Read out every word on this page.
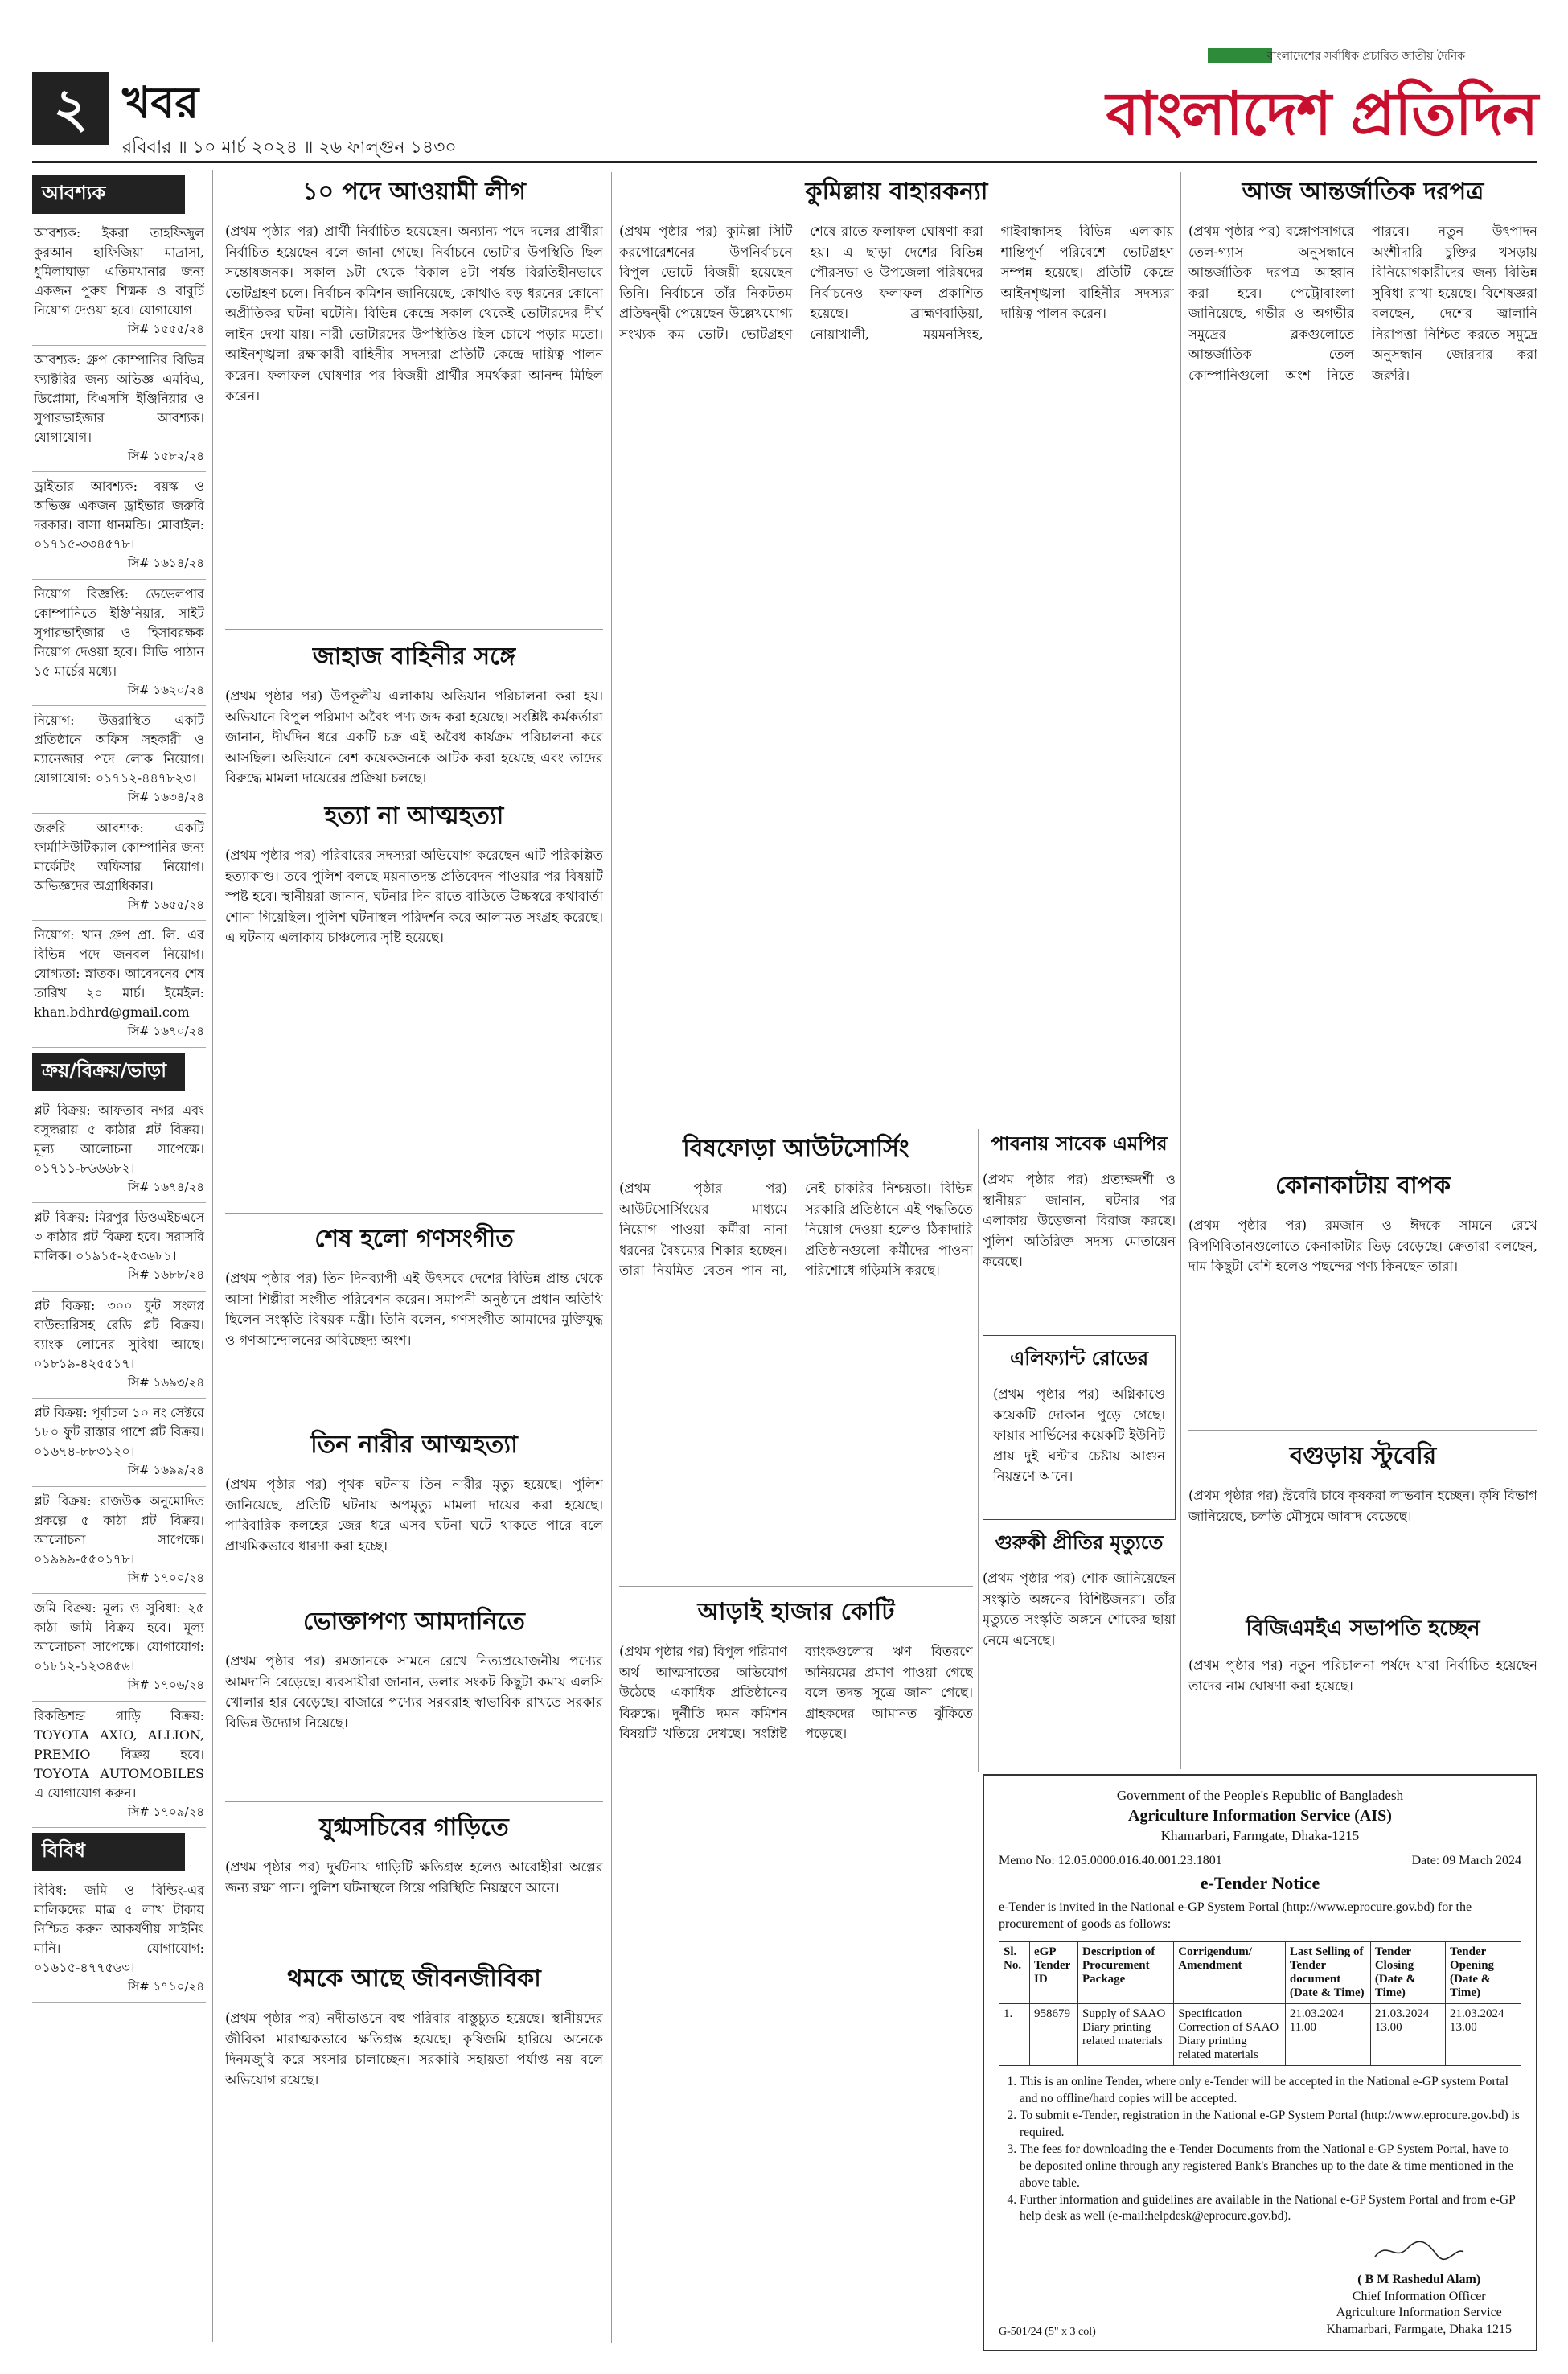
২ খবর
রবিবার ॥ ১০ মার্চ ২০২৪ ॥ ২৬ ফাল্গুন ১৪৩০
বাংলাদেশের সর্বাধিক প্রচারিত জাতীয় দৈনিক
বাংলাদেশ প্রতিদিন
আবশ্যক
আবশ্যক: ইকরা তাহফিজুল কুরআন হাফিজিয়া মাদ্রাসা, ধুমিলাঘাড়া এতিমখানার জন্য একজন পুরুষ শিক্ষক ও বাবুর্চি নিয়োগ দেওয়া হবে। যোগাযোগ।
সি# ১৫৫৫/২৪
আবশ্যক: গ্রুপ কোম্পানির বিভিন্ন ফ্যাক্টরির জন্য অভিজ্ঞ এমবিএ, ডিপ্লোমা, বিএসসি ইঞ্জিনিয়ার ও সুপারভাইজার আবশ্যক। যোগাযোগ।
সি# ১৫৮২/২৪
ড্রাইভার আবশ্যক: বয়স্ক ও অভিজ্ঞ একজন ড্রাইভার জরুরি দরকার। বাসা ধানমন্ডি। মোবাইল: ০১৭১৫-৩৩৪৫৭৮।
সি# ১৬১৪/২৪
নিয়োগ বিজ্ঞপ্তি: ডেভেলপার কোম্পানিতে ইঞ্জিনিয়ার, সাইট সুপারভাইজার ও হিসাবরক্ষক নিয়োগ দেওয়া হবে। সিভি পাঠান ১৫ মার্চের মধ্যে।
সি# ১৬২০/২৪
নিয়োগ: উত্তরাস্থিত একটি প্রতিষ্ঠানে অফিস সহকারী ও ম্যানেজার পদে লোক নিয়োগ। যোগাযোগ: ০১৭১২-৪৪৭৮২৩।
সি# ১৬৩৪/২৪
জরুরি আবশ্যক: একটি ফার্মাসিউটিক্যাল কোম্পানির জন্য মার্কেটিং অফিসার নিয়োগ। অভিজ্ঞদের অগ্রাধিকার।
সি# ১৬৫৫/২৪
নিয়োগ: খান গ্রুপ প্রা. লি. এর বিভিন্ন পদে জনবল নিয়োগ। যোগ্যতা: স্নাতক। আবেদনের শেষ তারিখ ২০ মার্চ। ইমেইল: khan.bdhrd@gmail.com
সি# ১৬৭০/২৪
ক্রয়/বিক্রয়/ভাড়া
প্লট বিক্রয়: আফতাব নগর এবং বসুন্ধরায় ৫ কাঠার প্লট বিক্রয়। মূল্য আলোচনা সাপেক্ষে। ০১৭১১-৮৬৬৬৮২।
সি# ১৬৭৪/২৪
প্লট বিক্রয়: মিরপুর ডিওএইচএসে ৩ কাঠার প্লট বিক্রয় হবে। সরাসরি মালিক। ০১৯১৫-২৫৩৬৮১।
সি# ১৬৮৮/২৪
প্লট বিক্রয়: ৩০০ ফুট সংলগ্ন বাউন্ডারিসহ রেডি প্লট বিক্রয়। ব্যাংক লোনের সুবিধা আছে। ০১৮১৯-৪২৫৫১৭।
সি# ১৬৯৩/২৪
প্লট বিক্রয়: পূর্বাচল ১০ নং সেক্টরে ১৮০ ফুট রাস্তার পাশে প্লট বিক্রয়। ০১৬৭৪-৮৮৩১২০।
সি# ১৬৯৯/২৪
প্লট বিক্রয়: রাজউক অনুমোদিত প্রকল্পে ৫ কাঠা প্লট বিক্রয়। আলোচনা সাপেক্ষে। ০১৯৯৯-৫৫০১৭৮।
সি# ১৭০০/২৪
জমি বিক্রয়: মূল্য ও সুবিধা: ২৫ কাঠা জমি বিক্রয় হবে। মূল্য আলোচনা সাপেক্ষে। যোগাযোগ: ০১৮১২-১২৩৪৫৬।
সি# ১৭০৬/২৪
রিকন্ডিশন্ড গাড়ি বিক্রয়: TOYOTA AXIO, ALLION, PREMIO বিক্রয় হবে। TOYOTA AUTOMOBILES এ যোগাযোগ করুন।
সি# ১৭০৯/২৪
বিবিধ
বিবিধ: জমি ও বিল্ডিং-এর মালিকদের মাত্র ৫ লাখ টাকায় নিশ্চিত করুন আকর্ষণীয় সাইনিং মানি। যোগাযোগ: ০১৬১৫-৪৭৭৫৬৩।
সি# ১৭১০/২৪
১০ পদে আওয়ামী লীগ

(প্রথম পৃষ্ঠার পর) প্রার্থী নির্বাচিত হয়েছেন। অন্যান্য পদে দলের প্রার্থীরা নির্বাচিত হয়েছেন বলে জানা গেছে। নির্বাচনে ভোটার উপস্থিতি ছিল সন্তোষজনক। সকাল ৯টা থেকে বিকাল ৪টা পর্যন্ত বিরতিহীনভাবে ভোটগ্রহণ চলে। নির্বাচন কমিশন জানিয়েছে, কোথাও বড় ধরনের কোনো অপ্রীতিকর ঘটনা ঘটেনি। বিভিন্ন কেন্দ্রে সকাল থেকেই ভোটারদের দীর্ঘ লাইন দেখা যায়। নারী ভোটারদের উপস্থিতিও ছিল চোখে পড়ার মতো। আইনশৃঙ্খলা রক্ষাকারী বাহিনীর সদস্যরা প্রতিটি কেন্দ্রে দায়িত্ব পালন করেন। ফলাফল ঘোষণার পর বিজয়ী প্রার্থীর সমর্থকরা আনন্দ মিছিল করেন।

জাহাজ বাহিনীর সঙ্গে

(প্রথম পৃষ্ঠার পর) উপকূলীয় এলাকায় অভিযান পরিচালনা করা হয়। অভিযানে বিপুল পরিমাণ অবৈধ পণ্য জব্দ করা হয়েছে। সংশ্লিষ্ট কর্মকর্তারা জানান, দীর্ঘদিন ধরে একটি চক্র এই অবৈধ কার্যক্রম পরিচালনা করে আসছিল। অভিযানে বেশ কয়েকজনকে আটক করা হয়েছে এবং তাদের বিরুদ্ধে মামলা দায়েরের প্রক্রিয়া চলছে।

হত্যা না আত্মহত্যা

(প্রথম পৃষ্ঠার পর) পরিবারের সদস্যরা অভিযোগ করেছেন এটি পরিকল্পিত হত্যাকাণ্ড। তবে পুলিশ বলছে ময়নাতদন্ত প্রতিবেদন পাওয়ার পর বিষয়টি স্পষ্ট হবে। স্থানীয়রা জানান, ঘটনার দিন রাতে বাড়িতে উচ্চস্বরে কথাবার্তা শোনা গিয়েছিল। পুলিশ ঘটনাস্থল পরিদর্শন করে আলামত সংগ্রহ করেছে। এ ঘটনায় এলাকায় চাঞ্চল্যের সৃষ্টি হয়েছে।

শেষ হলো গণসংগীত

(প্রথম পৃষ্ঠার পর) তিন দিনব্যাপী এই উৎসবে দেশের বিভিন্ন প্রান্ত থেকে আসা শিল্পীরা সংগীত পরিবেশন করেন। সমাপনী অনুষ্ঠানে প্রধান অতিথি ছিলেন সংস্কৃতি বিষয়ক মন্ত্রী। তিনি বলেন, গণসংগীত আমাদের মুক্তিযুদ্ধ ও গণআন্দোলনের অবিচ্ছেদ্য অংশ।

তিন নারীর আত্মহত্যা

(প্রথম পৃষ্ঠার পর) পৃথক ঘটনায় তিন নারীর মৃত্যু হয়েছে। পুলিশ জানিয়েছে, প্রতিটি ঘটনায় অপমৃত্যু মামলা দায়ের করা হয়েছে। পারিবারিক কলহের জের ধরে এসব ঘটনা ঘটে থাকতে পারে বলে প্রাথমিকভাবে ধারণা করা হচ্ছে।

ভোক্তাপণ্য আমদানিতে

(প্রথম পৃষ্ঠার পর) রমজানকে সামনে রেখে নিত্যপ্রয়োজনীয় পণ্যের আমদানি বেড়েছে। ব্যবসায়ীরা জানান, ডলার সংকট কিছুটা কমায় এলসি খোলার হার বেড়েছে। বাজারে পণ্যের সরবরাহ স্বাভাবিক রাখতে সরকার বিভিন্ন উদ্যোগ নিয়েছে।

যুগ্মসচিবের গাড়িতে

(প্রথম পৃষ্ঠার পর) দুর্ঘটনায় গাড়িটি ক্ষতিগ্রস্ত হলেও আরোহীরা অল্পের জন্য রক্ষা পান। পুলিশ ঘটনাস্থলে গিয়ে পরিস্থিতি নিয়ন্ত্রণে আনে।

থমকে আছে জীবনজীবিকা

(প্রথম পৃষ্ঠার পর) নদীভাঙনে বহু পরিবার বাস্তুচ্যুত হয়েছে। স্থানীয়দের জীবিকা মারাত্মকভাবে ক্ষতিগ্রস্ত হয়েছে। কৃষিজমি হারিয়ে অনেকে দিনমজুরি করে সংসার চালাচ্ছেন। সরকারি সহায়তা পর্যাপ্ত নয় বলে অভিযোগ রয়েছে।

কুমিল্লায় বাহারকন্যা

(প্রথম পৃষ্ঠার পর) কুমিল্লা সিটি করপোরেশনের উপনির্বাচনে বিপুল ভোটে বিজয়ী হয়েছেন তিনি। নির্বাচনে তাঁর নিকটতম প্রতিদ্বন্দ্বী পেয়েছেন উল্লেখযোগ্য সংখ্যক কম ভোট। ভোটগ্রহণ শেষে রাতে ফলাফল ঘোষণা করা হয়। এ ছাড়া দেশের বিভিন্ন পৌরসভা ও উপজেলা পরিষদের নির্বাচনেও ফলাফল প্রকাশিত হয়েছে। ব্রাহ্মণবাড়িয়া, নোয়াখালী, ময়মনসিংহ, গাইবান্ধাসহ বিভিন্ন এলাকায় শান্তিপূর্ণ পরিবেশে ভোটগ্রহণ সম্পন্ন হয়েছে। প্রতিটি কেন্দ্রে আইনশৃঙ্খলা বাহিনীর সদস্যরা দায়িত্ব পালন করেন।

বিষফোড়া আউটসোর্সিং

(প্রথম পৃষ্ঠার পর) আউটসোর্সিংয়ের মাধ্যমে নিয়োগ পাওয়া কর্মীরা নানা ধরনের বৈষম্যের শিকার হচ্ছেন। তারা নিয়মিত বেতন পান না, নেই চাকরির নিশ্চয়তা। বিভিন্ন সরকারি প্রতিষ্ঠানে এই পদ্ধতিতে নিয়োগ দেওয়া হলেও ঠিকাদারি প্রতিষ্ঠানগুলো কর্মীদের পাওনা পরিশোধে গড়িমসি করছে।

আড়াই হাজার কোটি

(প্রথম পৃষ্ঠার পর) বিপুল পরিমাণ অর্থ আত্মসাতের অভিযোগ উঠেছে একাধিক প্রতিষ্ঠানের বিরুদ্ধে। দুর্নীতি দমন কমিশন বিষয়টি খতিয়ে দেখছে। সংশ্লিষ্ট ব্যাংকগুলোর ঋণ বিতরণে অনিয়মের প্রমাণ পাওয়া গেছে বলে তদন্ত সূত্রে জানা গেছে। গ্রাহকদের আমানত ঝুঁকিতে পড়েছে।

পাবনায় সাবেক এমপির

(প্রথম পৃষ্ঠার পর) প্রত্যক্ষদর্শী ও স্থানীয়রা জানান, ঘটনার পর এলাকায় উত্তেজনা বিরাজ করছে। পুলিশ অতিরিক্ত সদস্য মোতায়েন করেছে।

এলিফ্যান্ট রোডের

(প্রথম পৃষ্ঠার পর) অগ্নিকাণ্ডে কয়েকটি দোকান পুড়ে গেছে। ফায়ার সার্ভিসের কয়েকটি ইউনিট প্রায় দুই ঘণ্টার চেষ্টায় আগুন নিয়ন্ত্রণে আনে।

গুরুকী প্রীতির মৃত্যুতে

(প্রথম পৃষ্ঠার পর) শোক জানিয়েছেন সংস্কৃতি অঙ্গনের বিশিষ্টজনরা। তাঁর মৃত্যুতে সংস্কৃতি অঙ্গনে শোকের ছায়া নেমে এসেছে।

আজ আন্তর্জাতিক দরপত্র

(প্রথম পৃষ্ঠার পর) বঙ্গোপসাগরে তেল-গ্যাস অনুসন্ধানে আন্তর্জাতিক দরপত্র আহ্বান করা হবে। পেট্রোবাংলা জানিয়েছে, গভীর ও অগভীর সমুদ্রের ব্লকগুলোতে আন্তর্জাতিক তেল কোম্পানিগুলো অংশ নিতে পারবে। নতুন উৎপাদন অংশীদারি চুক্তির খসড়ায় বিনিয়োগকারীদের জন্য বিভিন্ন সুবিধা রাখা হয়েছে। বিশেষজ্ঞরা বলছেন, দেশের জ্বালানি নিরাপত্তা নিশ্চিত করতে সমুদ্রে অনুসন্ধান জোরদার করা জরুরি।

কোনাকাটায় বাপক

(প্রথম পৃষ্ঠার পর) রমজান ও ঈদকে সামনে রেখে বিপণিবিতানগুলোতে কেনাকাটার ভিড় বেড়েছে। ক্রেতারা বলছেন, দাম কিছুটা বেশি হলেও পছন্দের পণ্য কিনছেন তারা।

বগুড়ায় স্টুবেরি

(প্রথম পৃষ্ঠার পর) স্ট্রবেরি চাষে কৃষকরা লাভবান হচ্ছেন। কৃষি বিভাগ জানিয়েছে, চলতি মৌসুমে আবাদ বেড়েছে।

বিজিএমইএ সভাপতি হচ্ছেন

(প্রথম পৃষ্ঠার পর) নতুন পরিচালনা পর্ষদে যারা নির্বাচিত হয়েছেন তাদের নাম ঘোষণা করা হয়েছে।

Government of the People's Republic of Bangladesh
Agriculture Information Service (AIS)
Khamarbari, Farmgate, Dhaka-1215
Memo No: 12.05.0000.016.40.001.23.1801	Date: 09 March 2024
e-Tender Notice
e-Tender is invited in the National e-GP System Portal (http://www.eprocure.gov.bd) for the procurement of goods as follows:
Sl. No.	eGP Tender ID	Description of Procurement Package	Corrigendum/ Amendment	Last Selling of Tender document (Date & Time)	Tender Closing (Date & Time)	Tender Opening (Date & Time)
1.	958679	Supply of SAAO Diary printing related materials	Specification Correction of SAAO Diary printing related materials	21.03.2024 11.00	21.03.2024 13.00	21.03.2024 13.00
1. This is an online Tender, where only e-Tender will be accepted in the National e-GP system Portal and no offline/hard copies will be accepted.
2. To submit e-Tender, registration in the National e-GP System Portal (http://www.eprocure.gov.bd) is required.
3. The fees for downloading the e-Tender Documents from the National e-GP System Portal, have to be deposited online through any registered Bank's Branches up to the date & time mentioned in the above table.
4. Further information and guidelines are available in the National e-GP System Portal and from e-GP help desk as well (e-mail:helpdesk@eprocure.gov.bd).
G-501/24 (5" x 3 col)
( B M Rashedul Alam)
Chief Information Officer
Agriculture Information Service
Khamarbari, Farmgate, Dhaka 1215
